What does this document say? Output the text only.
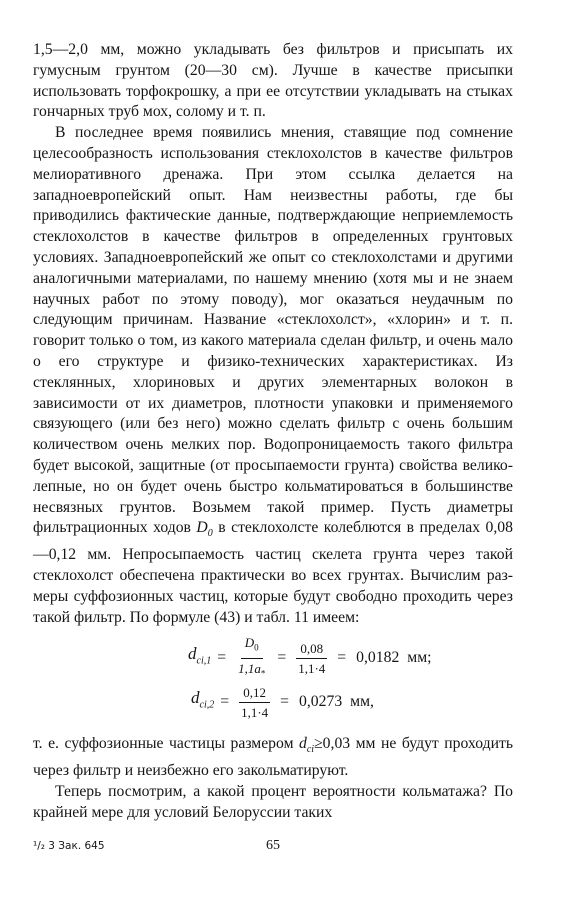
1,5—2,0 мм, можно укладывать без фильтров и присыпать их гумусным грунтом (20—30 см). Лучше в качестве присыпки использовать торфокрошку, а при ее отсутствии укладывать на стыках гончарных труб мох, солому и т. п.

В последнее время появились мнения, ставящие под сомнение целесообразность использования стеклохолстов в качестве фильтров мелиоративного дренажа. При этом ссылка делается на западноевропейский опыт. Нам неизвестны работы, где бы приводились фактические данные, подтверждающие неприемлемость стеклохолстов в качестве фильтров в определенных грунтовых условиях. Западноевропейский же опыт со стеклохолстами и другими аналогичными материалами, по нашему мнению (хотя мы и не знаем научных работ по этому поводу), мог оказаться неудачным по следующим причинам. Название «стеклохолст», «хлорин» и т. п. говорит только о том, из какого материала сделан фильтр, и очень мало о его структуре и физико-технических характеристиках. Из стеклянных, хлориновых и других элементарных волокон в зависимости от их диаметров, плотности упаковки и применяемого связующего (или без него) можно сделать фильтр с очень большим количеством очень мелких пор. Водопроницаемость такого фильтра будет высокой, защитные (от просыпаемости грунта) свойства великолепные, но он будет очень быстро кольматироваться в большинстве несвязных грунтов. Возьмем такой пример. Пусть диаметры фильтрационных ходов $D_0$ в стеклохолсте колеблются в пределах 0,08—0,12 мм. Непросыпаемость частиц скелета грунта через такой стеклохолст обеспечена практически во всех грунтах. Вычислим размеры суффозионных частиц, которые будут свободно проходить через такой фильтр. По формуле (43) и табл. 11 имеем:

$d_{ci,1} = \frac{D_0}{1,1a_*} = \frac{0,08}{1,1\cdot 4} = 0,0182$ мм;
$d_{ci,2} = \frac{0,12}{1,1\cdot 4} = 0,0273$ мм,

т. е. суффозионные частицы размером $d_{ci}\ge 0,03$ мм не будут проходить через фильтр и неизбежно его закольматируют.

Теперь посмотрим, а какой процент вероятности кольматажа? По крайней мере для условий Белоруссии таких

¹/₂ 3 Зак. 645	65
